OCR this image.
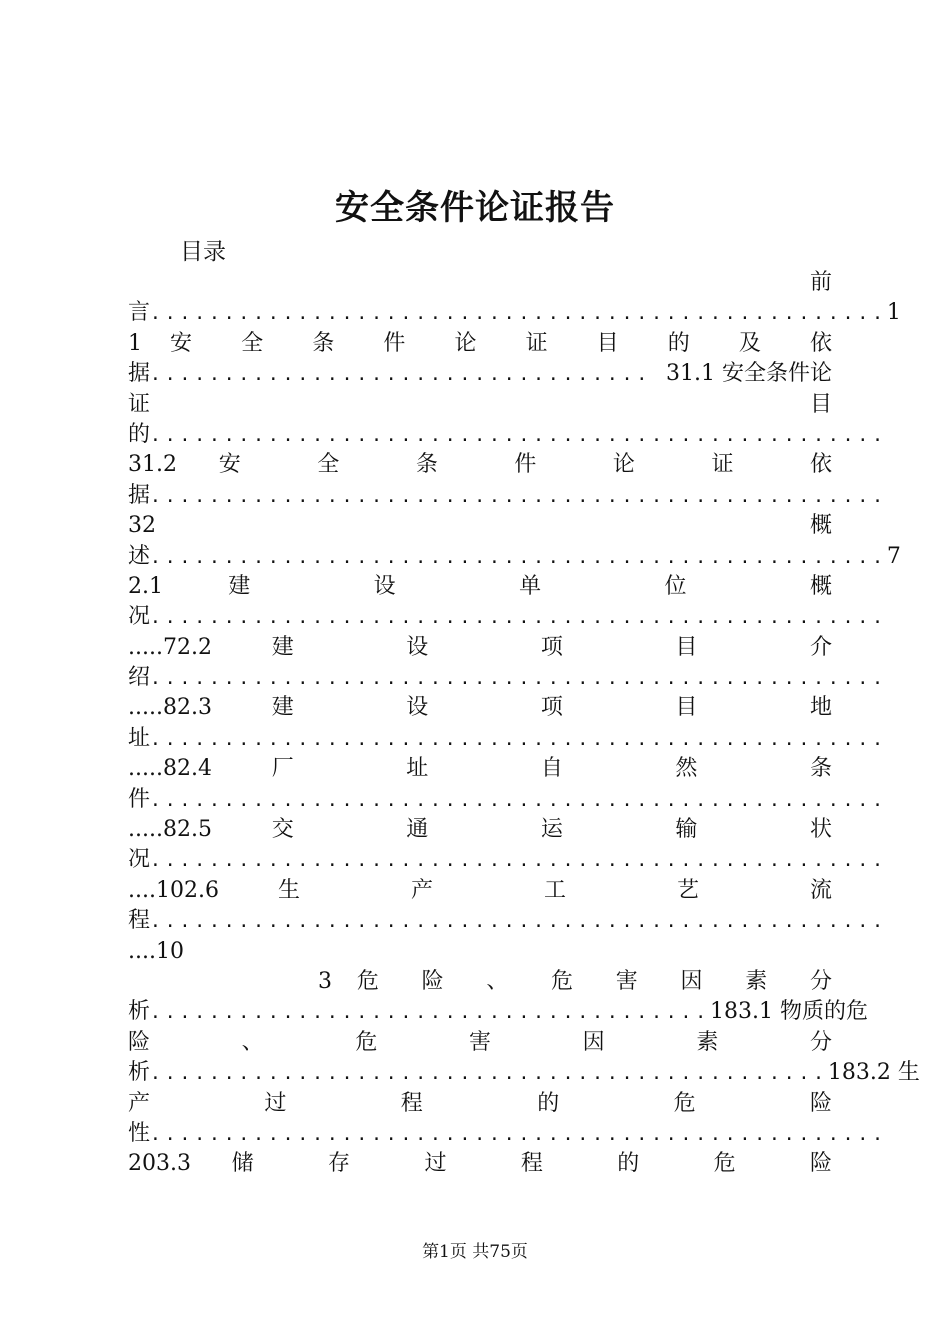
安全条件论证报告
目录
前
言 .................................................. 1
1 安 全 条 件 论 证 目 的 及 依
据 .................................. 31.1 安全条件论
证 目
的 ..................................................
31.2 安 全 条 件 论 证 依
据 ..................................................
32 概
述 .................................................. 7
2.1 建 设 单 位 概
况 ..................................................
.....72.2 建 设 项 目 介
绍 ..................................................
.....82.3 建 设 项 目 地
址 ..................................................
.....82.4 厂 址 自 然 条
件 ..................................................
.....82.5 交 通 运 输 状
况 ..................................................
....102.6 生 产 工 艺 流
程 ..................................................
....10
3 危 险 、 危 害 因 素 分
析 ...................................... 183.1 物质的危
险 、 危 害 因 素 分
析 .............................................. 183.2 生
产 过 程 的 危 险
性 ..................................................
203.3 储 存 过 程 的 危 险
第1页 共75页
